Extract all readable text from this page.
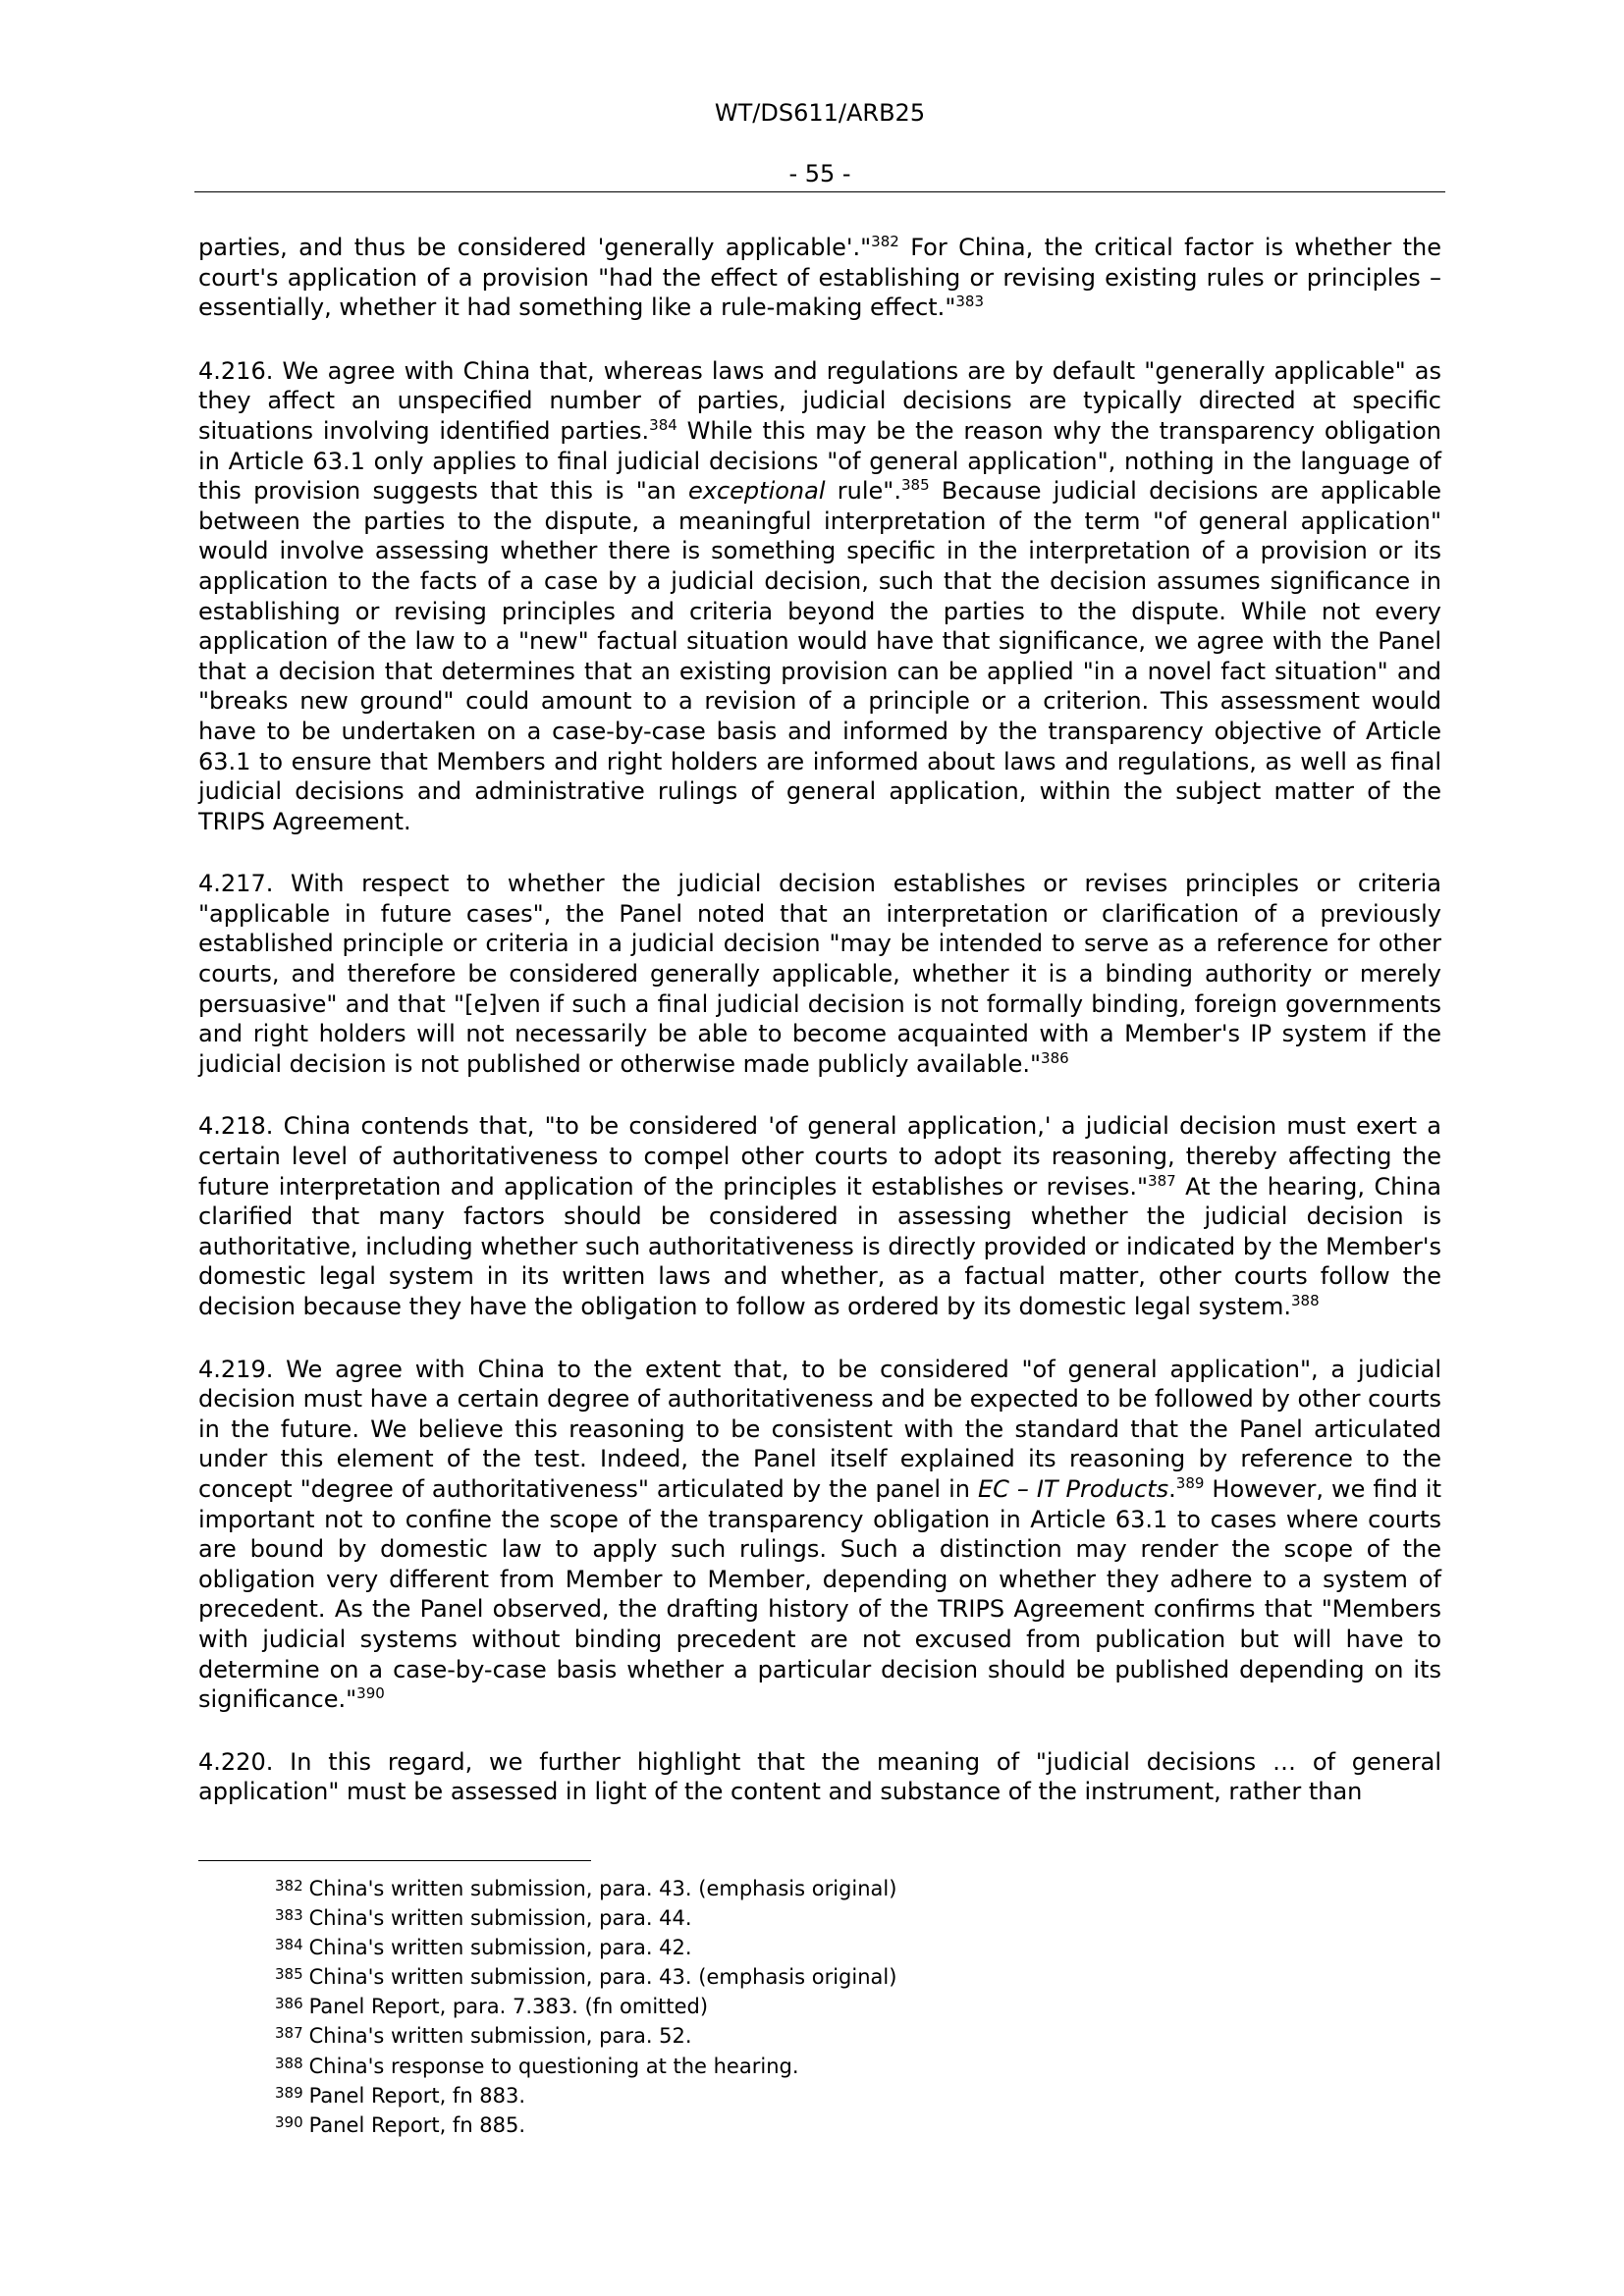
WT/DS611/ARB25
- 55 -

parties, and thus be considered 'generally applicable'."$^{382}$ For China, the critical factor is whether the court's application of a provision "had the effect of establishing or revising existing rules or principles – essentially, whether it had something like a rule-making effect."$^{383}$

4.216. We agree with China that, whereas laws and regulations are by default "generally applicable" as they affect an unspecified number of parties, judicial decisions are typically directed at specific situations involving identified parties.$^{384}$ While this may be the reason why the transparency obligation in Article 63.1 only applies to final judicial decisions "of general application", nothing in the language of this provision suggests that this is "an exceptional rule".$^{385}$ Because judicial decisions are applicable between the parties to the dispute, a meaningful interpretation of the term "of general application" would involve assessing whether there is something specific in the interpretation of a provision or its application to the facts of a case by a judicial decision, such that the decision assumes significance in establishing or revising principles and criteria beyond the parties to the dispute. While not every application of the law to a "new" factual situation would have that significance, we agree with the Panel that a decision that determines that an existing provision can be applied "in a novel fact situation" and "breaks new ground" could amount to a revision of a principle or a criterion. This assessment would have to be undertaken on a case-by-case basis and informed by the transparency objective of Article 63.1 to ensure that Members and right holders are informed about laws and regulations, as well as final judicial decisions and administrative rulings of general application, within the subject matter of the TRIPS Agreement.

4.217. With respect to whether the judicial decision establishes or revises principles or criteria "applicable in future cases", the Panel noted that an interpretation or clarification of a previously established principle or criteria in a judicial decision "may be intended to serve as a reference for other courts, and therefore be considered generally applicable, whether it is a binding authority or merely persuasive" and that "[e]ven if such a final judicial decision is not formally binding, foreign governments and right holders will not necessarily be able to become acquainted with a Member's IP system if the judicial decision is not published or otherwise made publicly available."$^{386}$

4.218. China contends that, "to be considered 'of general application,' a judicial decision must exert a certain level of authoritativeness to compel other courts to adopt its reasoning, thereby affecting the future interpretation and application of the principles it establishes or revises."$^{387}$ At the hearing, China clarified that many factors should be considered in assessing whether the judicial decision is authoritative, including whether such authoritativeness is directly provided or indicated by the Member's domestic legal system in its written laws and whether, as a factual matter, other courts follow the decision because they have the obligation to follow as ordered by its domestic legal system.$^{388}$

4.219. We agree with China to the extent that, to be considered "of general application", a judicial decision must have a certain degree of authoritativeness and be expected to be followed by other courts in the future. We believe this reasoning to be consistent with the standard that the Panel articulated under this element of the test. Indeed, the Panel itself explained its reasoning by reference to the concept "degree of authoritativeness" articulated by the panel in EC – IT Products.$^{389}$ However, we find it important not to confine the scope of the transparency obligation in Article 63.1 to cases where courts are bound by domestic law to apply such rulings. Such a distinction may render the scope of the obligation very different from Member to Member, depending on whether they adhere to a system of precedent. As the Panel observed, the drafting history of the TRIPS Agreement confirms that "Members with judicial systems without binding precedent are not excused from publication but will have to determine on a case-by-case basis whether a particular decision should be published depending on its significance."$^{390}$

4.220. In this regard, we further highlight that the meaning of "judicial decisions … of general application" must be assessed in light of the content and substance of the instrument, rather than

$^{382}$ China's written submission, para. 43. (emphasis original)
$^{383}$ China's written submission, para. 44.
$^{384}$ China's written submission, para. 42.
$^{385}$ China's written submission, para. 43. (emphasis original)
$^{386}$ Panel Report, para. 7.383. (fn omitted)
$^{387}$ China's written submission, para. 52.
$^{388}$ China's response to questioning at the hearing.
$^{389}$ Panel Report, fn 883.
$^{390}$ Panel Report, fn 885.
